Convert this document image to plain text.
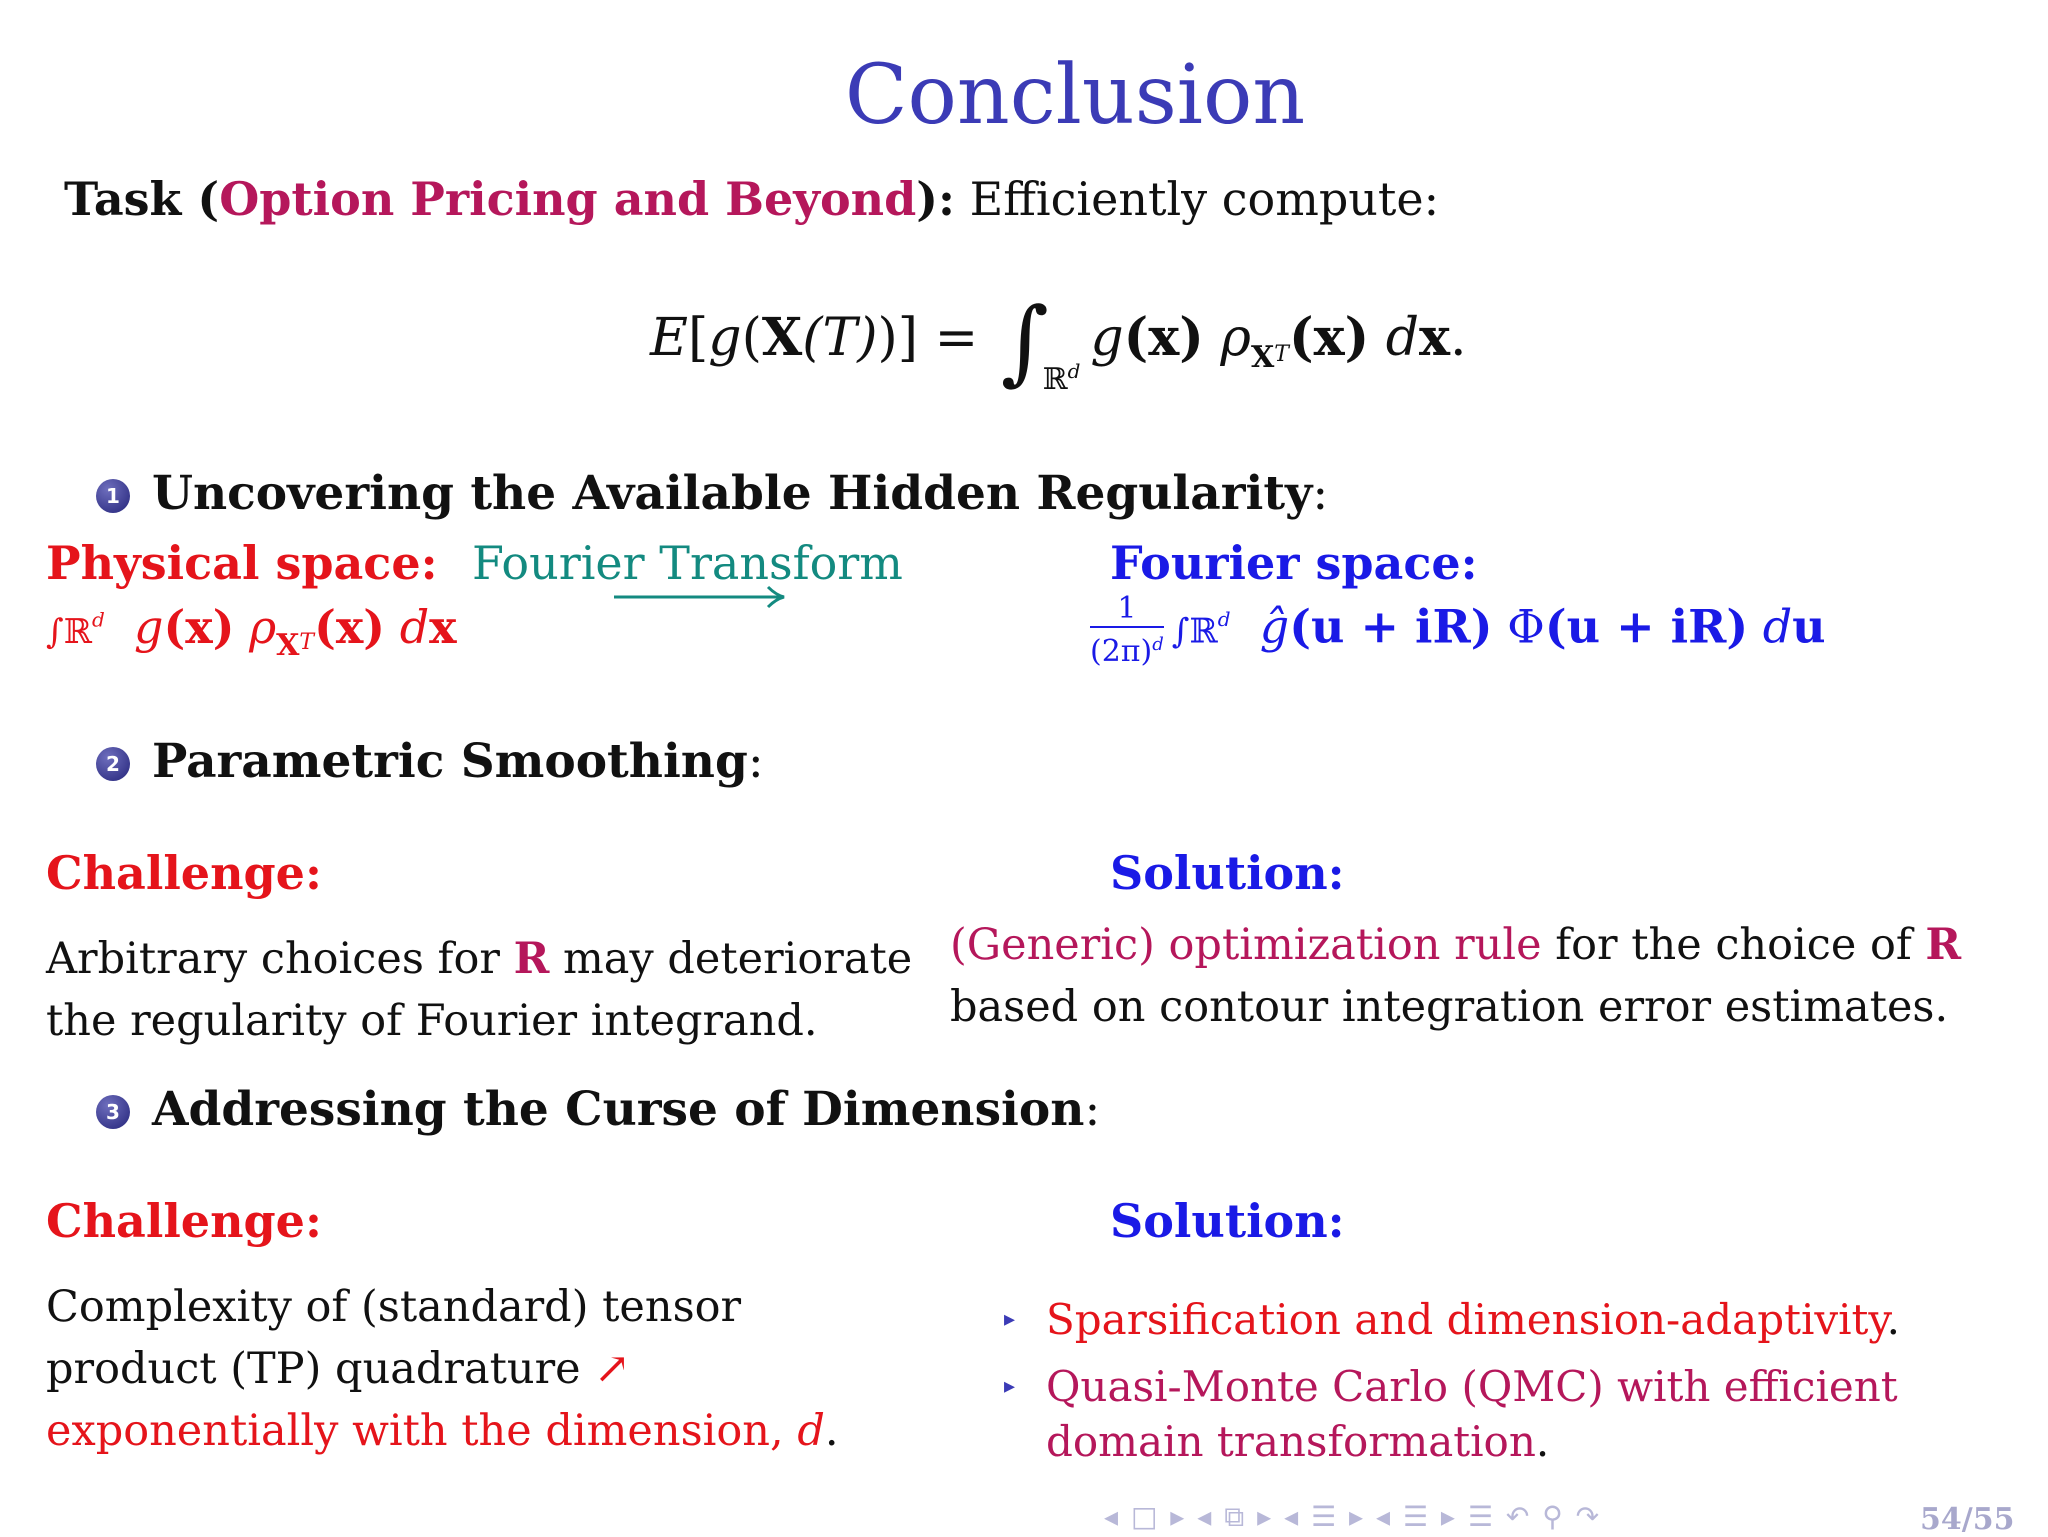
Conclusion
Task (Option Pricing and Beyond): Efficiently compute:
$E[g(X(T))] = \int_{ℝ^d}g(x)$ $\rho_XT(x)$ dx.
1 Uncovering the Available Hidden Regularity:
Physical space:
∫ℝ$^d$ g(x) $\rho_XT(x)$ dx
Fourier Transform	Fourier space:
$\frac{1}{(2\pi)^d}$ ∫ℝ$^d$ ĝ(u + iR) Φ(u + iR) du
2 Parametric Smoothing:
Challenge:	Solution:
Arbitrary choices for R may deteriorate
the regularity of Fourier integrand.
(Generic) optimization rule for the choice of R
based on contour integration error estimates.
3 Addressing the Curse of Dimension:
Challenge:	Solution:
Complexity of (standard) tensor
product (TP) quadrature ↗
exponentially with the dimension, d.
▸ Sparsification and dimension-adaptivity.
▸ Quasi-Monte Carlo (QMC) with efficient domain transformation.
◂ □ ▸ ◂ ⧉ ▸ ◂ ☰ ▸ ◂ ☰ ▸ ☰ ↶ ⚲ ↷	54/55
